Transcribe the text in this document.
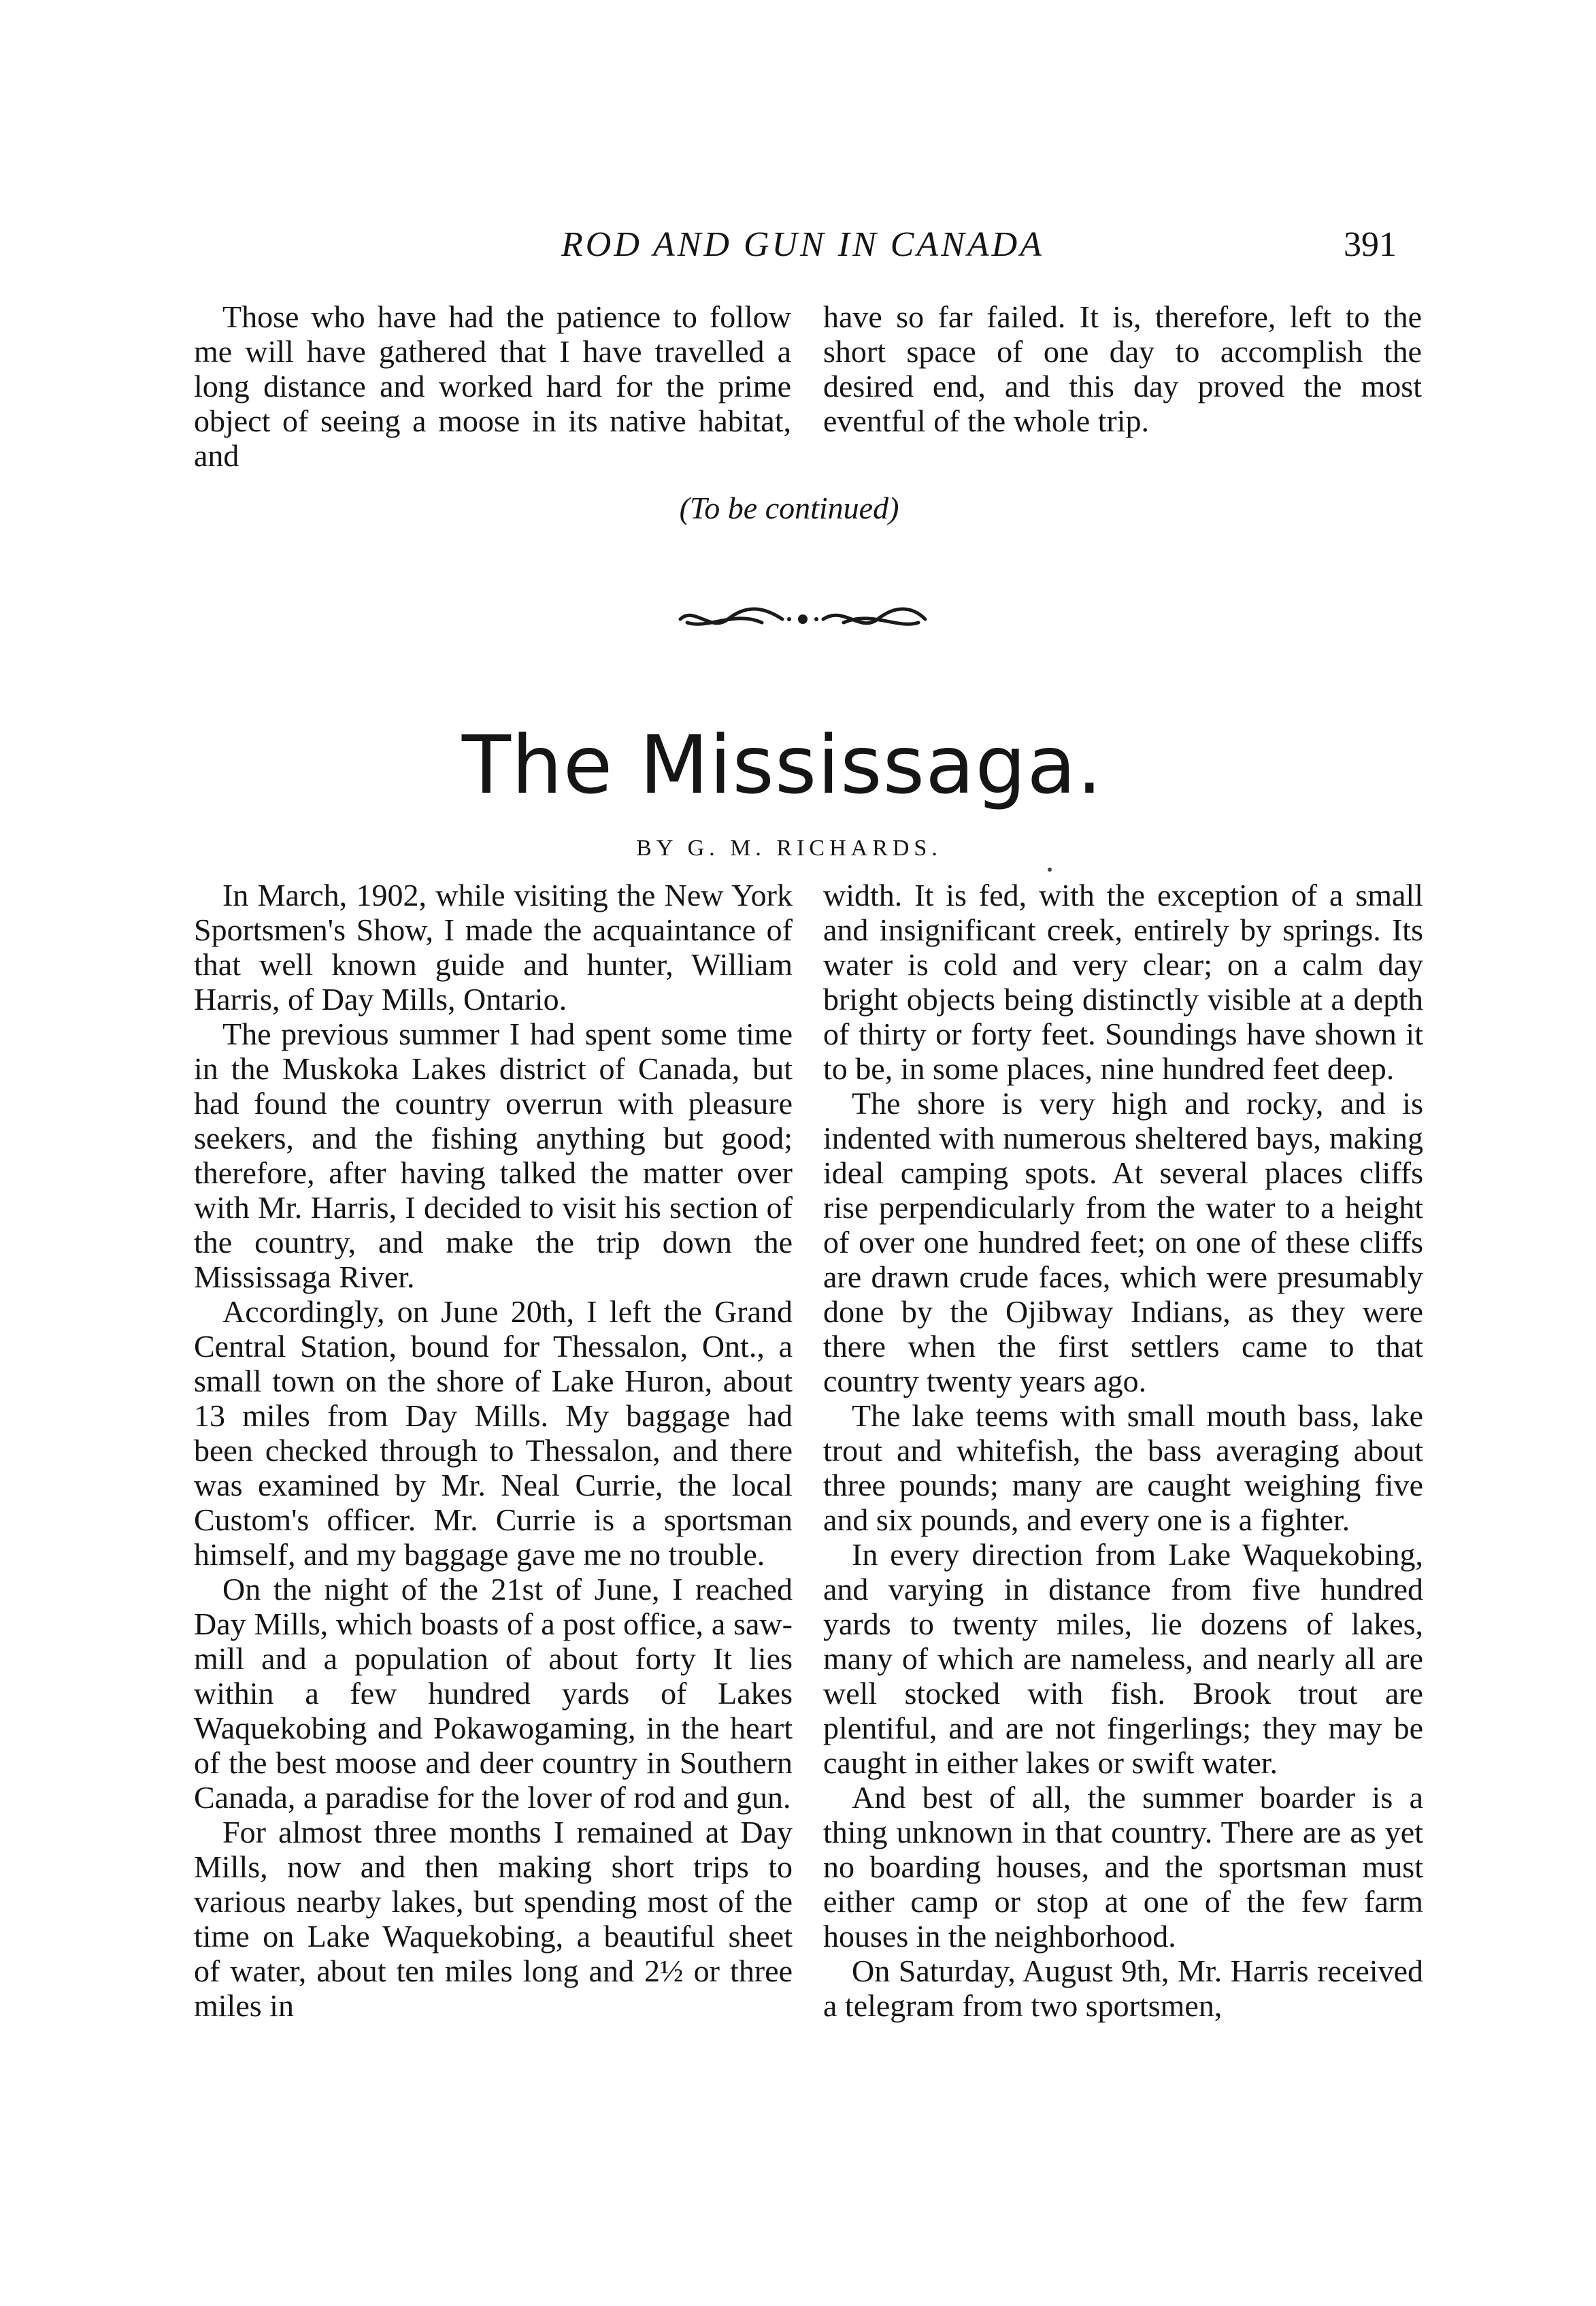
ROD AND GUN IN CANADA	391

Those who have had the patience to follow me will have gathered that I have travelled a long distance and worked hard for the prime object of seeing a moose in its native habitat, and

have so far failed. It is, therefore, left to the short space of one day to accomplish the desired end, and this day proved the most eventful of the whole trip.

(To be continued)
The Mississaga.
BY G. M. RICHARDS.

In March, 1902, while visiting the New York Sportsmen's Show, I made the acquaintance of that well known guide and hunter, William Harris, of Day Mills, Ontario.

The previous summer I had spent some time in the Muskoka Lakes district of Canada, but had found the country overrun with pleasure seekers, and the fishing anything but good; therefore, after having talked the matter over with Mr. Harris, I decided to visit his section of the country, and make the trip down the Mississaga River.

Accordingly, on June 20th, I left the Grand Central Station, bound for Thessalon, Ont., a small town on the shore of Lake Huron, about 13 miles from Day Mills. My baggage had been checked through to Thessalon, and there was examined by Mr. Neal Currie, the local Custom's officer. Mr. Currie is a sportsman himself, and my baggage gave me no trouble.

On the night of the 21st of June, I reached Day Mills, which boasts of a post office, a saw-mill and a population of about forty It lies within a few hundred yards of Lakes Waquekobing and Pokawogaming, in the heart of the best moose and deer country in Southern Canada, a paradise for the lover of rod and gun.

For almost three months I remained at Day Mills, now and then making short trips to various nearby lakes, but spending most of the time on Lake Waquekobing, a beautiful sheet of water, about ten miles long and 2½ or three miles in

width. It is fed, with the exception of a small and insignificant creek, entirely by springs. Its water is cold and very clear; on a calm day bright objects being distinctly visible at a depth of thirty or forty feet. Soundings have shown it to be, in some places, nine hundred feet deep.

The shore is very high and rocky, and is indented with numerous sheltered bays, making ideal camping spots. At several places cliffs rise perpendicularly from the water to a height of over one hundred feet; on one of these cliffs are drawn crude faces, which were presumably done by the Ojibway Indians, as they were there when the first settlers came to that country twenty years ago.

The lake teems with small mouth bass, lake trout and whitefish, the bass averaging about three pounds; many are caught weighing five and six pounds, and every one is a fighter.

In every direction from Lake Waquekobing, and varying in distance from five hundred yards to twenty miles, lie dozens of lakes, many of which are nameless, and nearly all are well stocked with fish. Brook trout are plentiful, and are not fingerlings; they may be caught in either lakes or swift water.

And best of all, the summer boarder is a thing unknown in that country. There are as yet no boarding houses, and the sportsman must either camp or stop at one of the few farm houses in the neighborhood.

On Saturday, August 9th, Mr. Harris received a telegram from two sportsmen,
